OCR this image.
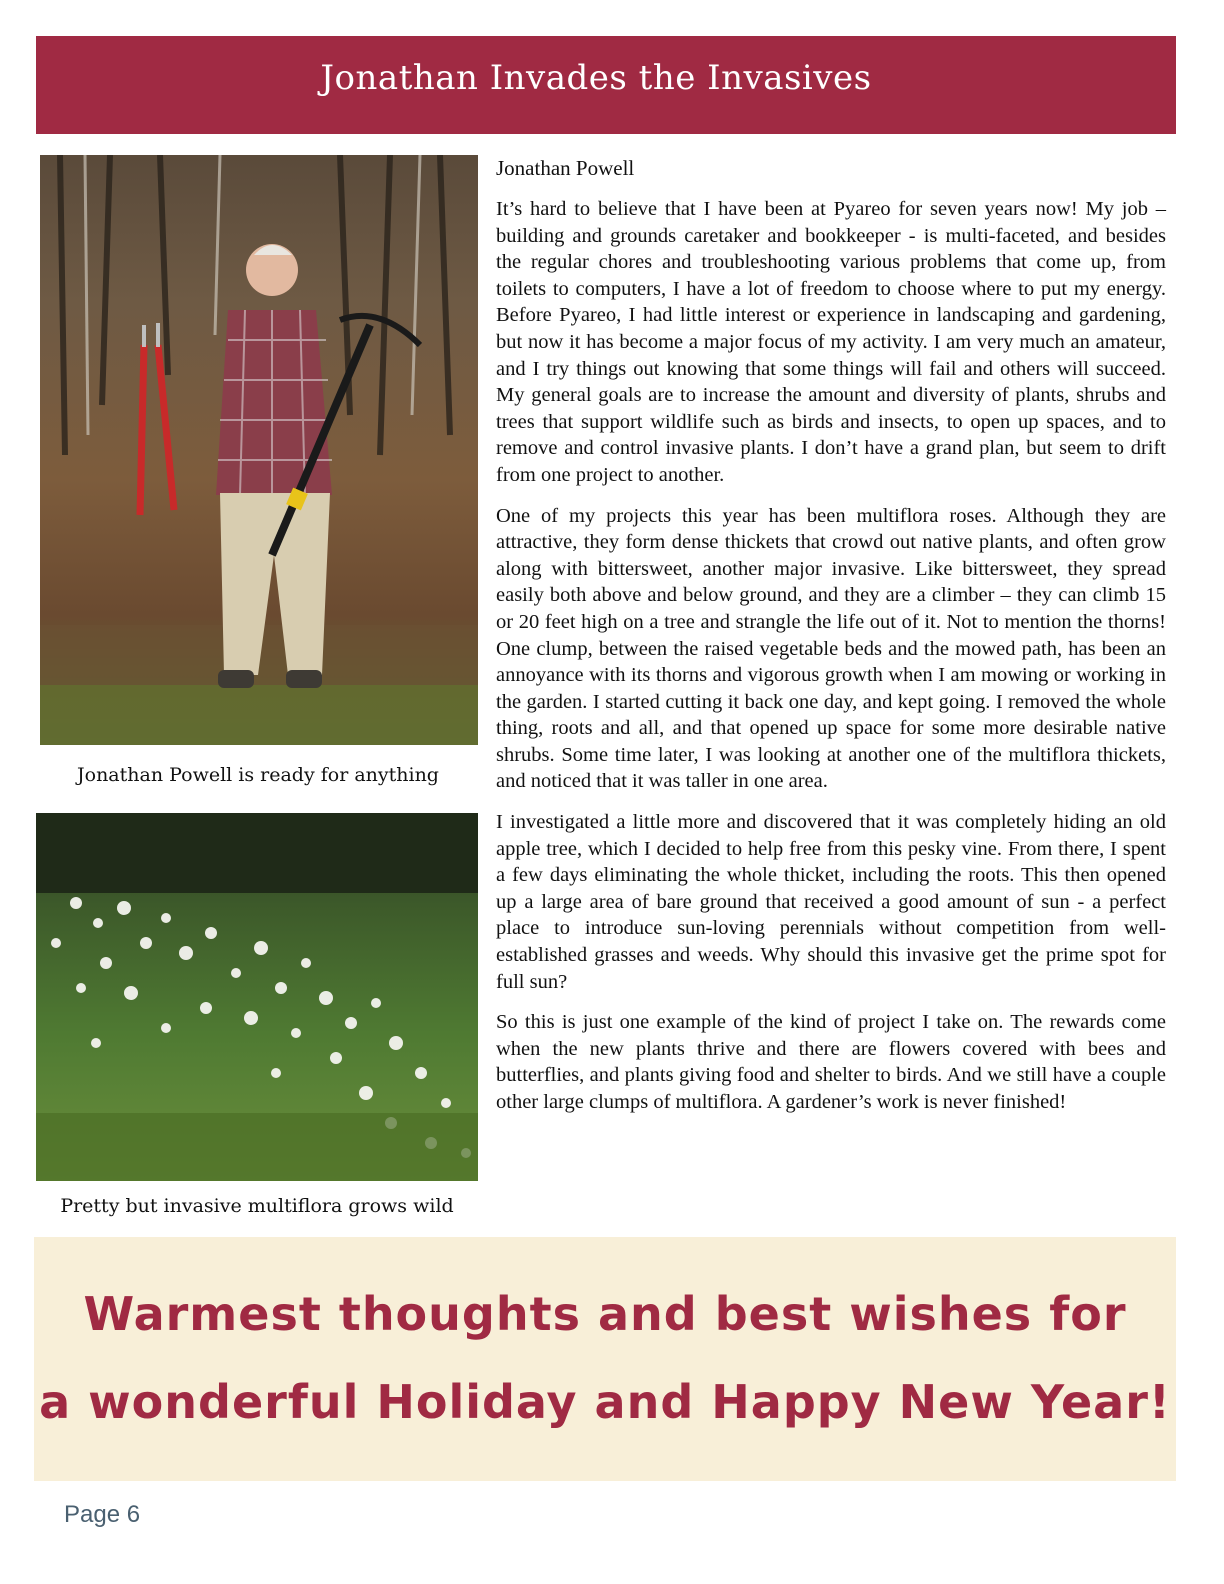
Jonathan Invades the Invasives
Jonathan Powell is ready for anything
Pretty but invasive multiflora grows wild
Jonathan Powell

It’s hard to believe that I have been at Pyareo for seven years now! My job – building and grounds caretaker and bookkeeper - is multi-faceted, and besides the regular chores and troubleshooting various problems that come up, from toilets to computers, I have a lot of freedom to choose where to put my energy. Before Pyareo, I had little interest or experience in landscaping and gardening, but now it has become a major focus of my activity. I am very much an amateur, and I try things out knowing that some things will fail and others will succeed. My general goals are to increase the amount and diversity of plants, shrubs and trees that support wildlife such as birds and insects, to open up spaces, and to remove and control invasive plants. I don’t have a grand plan, but seem to drift from one project to another.

One of my projects this year has been multiflora roses. Although they are attractive, they form dense thickets that crowd out native plants, and often grow along with bittersweet, another major invasive. Like bittersweet, they spread easily both above and below ground, and they are a climber – they can climb 15 or 20 feet high on a tree and strangle the life out of it. Not to mention the thorns! One clump, between the raised vegetable beds and the mowed path, has been an annoyance with its thorns and vigorous growth when I am mowing or working in the garden. I started cutting it back one day, and kept going. I removed the whole thing, roots and all, and that opened up space for some more desirable native shrubs. Some time later, I was looking at another one of the multiflora thickets, and noticed that it was taller in one area.

I investigated a little more and discovered that it was completely hiding an old apple tree, which I decided to help free from this pesky vine. From there, I spent a few days eliminating the whole thicket, including the roots. This then opened up a large area of bare ground that received a good amount of sun - a perfect place to introduce sun-loving perennials without competition from well-established grasses and weeds. Why should this invasive get the prime spot for full sun?

So this is just one example of the kind of project I take on. The rewards come when the new plants thrive and there are flowers covered with bees and butterflies, and plants giving food and shelter to birds. And we still have a couple other large clumps of multiflora. A gardener’s work is never finished!

Warmest thoughts and best wishes for
a wonderful Holiday and Happy New Year!
Page 6
